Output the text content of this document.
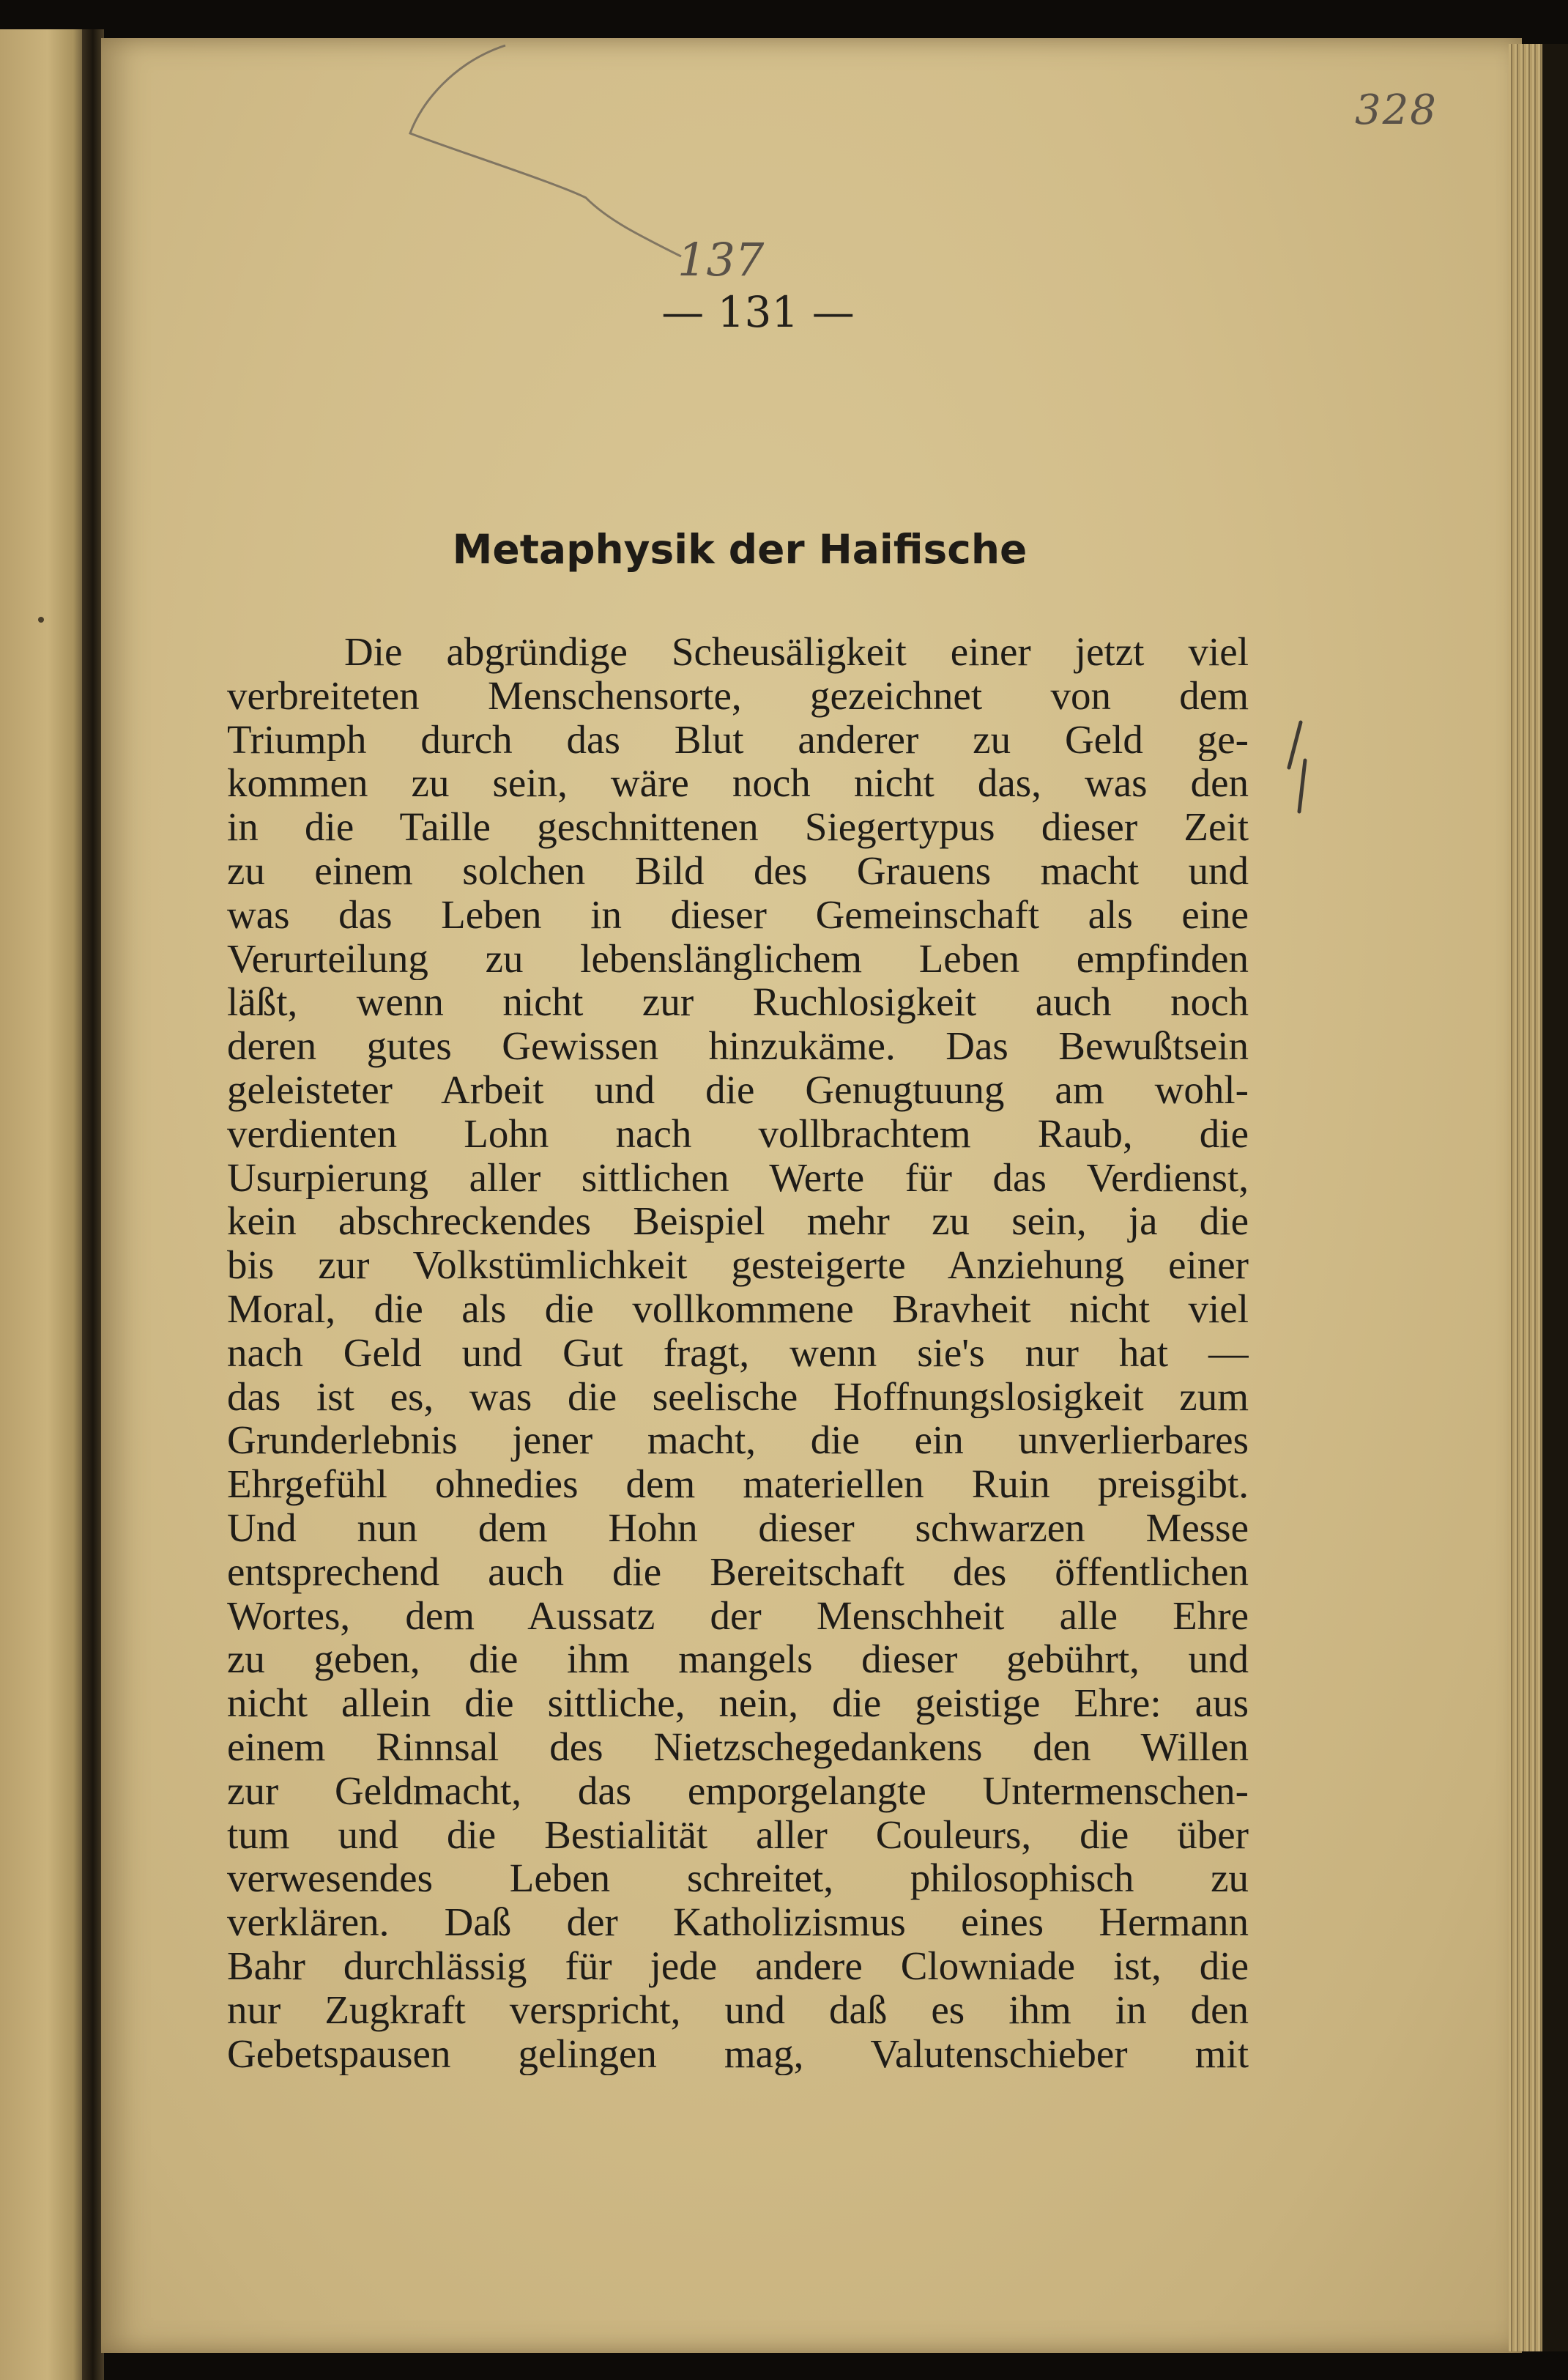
328
137
— 131 —
Metaphysik der Haifische
Die abgründige Scheusäligkeit einer jetzt viel
verbreiteten Menschensorte, gezeichnet von dem
Triumph durch das Blut anderer zu Geld ge-
kommen zu sein, wäre noch nicht das, was den
in die Taille geschnittenen Siegertypus dieser Zeit
zu einem solchen Bild des Grauens macht und
was das Leben in dieser Gemeinschaft als eine
Verurteilung zu lebenslänglichem Leben empfinden
läßt, wenn nicht zur Ruchlosigkeit auch noch
deren gutes Gewissen hinzukäme. Das Bewußtsein
geleisteter Arbeit und die Genugtuung am wohl-
verdienten Lohn nach vollbrachtem Raub, die
Usurpierung aller sittlichen Werte für das Verdienst,
kein abschreckendes Beispiel mehr zu sein, ja die
bis zur Volkstümlichkeit gesteigerte Anziehung einer
Moral, die als die vollkommene Bravheit nicht viel
nach Geld und Gut fragt, wenn sie's nur hat —
das ist es, was die seelische Hoffnungslosigkeit zum
Grunderlebnis jener macht, die ein unverlierbares
Ehrgefühl ohnedies dem materiellen Ruin preisgibt.
Und nun dem Hohn dieser schwarzen Messe
entsprechend auch die Bereitschaft des öffentlichen
Wortes, dem Aussatz der Menschheit alle Ehre
zu geben, die ihm mangels dieser gebührt, und
nicht allein die sittliche, nein, die geistige Ehre: aus
einem Rinnsal des Nietzschegedankens den Willen
zur Geldmacht, das emporgelangte Untermenschen-
tum und die Bestialität aller Couleurs, die über
verwesendes Leben schreitet, philosophisch zu
verklären. Daß der Katholizismus eines Hermann
Bahr durchlässig für jede andere Clowniade ist, die
nur Zugkraft verspricht, und daß es ihm in den
Gebetspausen gelingen mag, Valutenschieber mit
